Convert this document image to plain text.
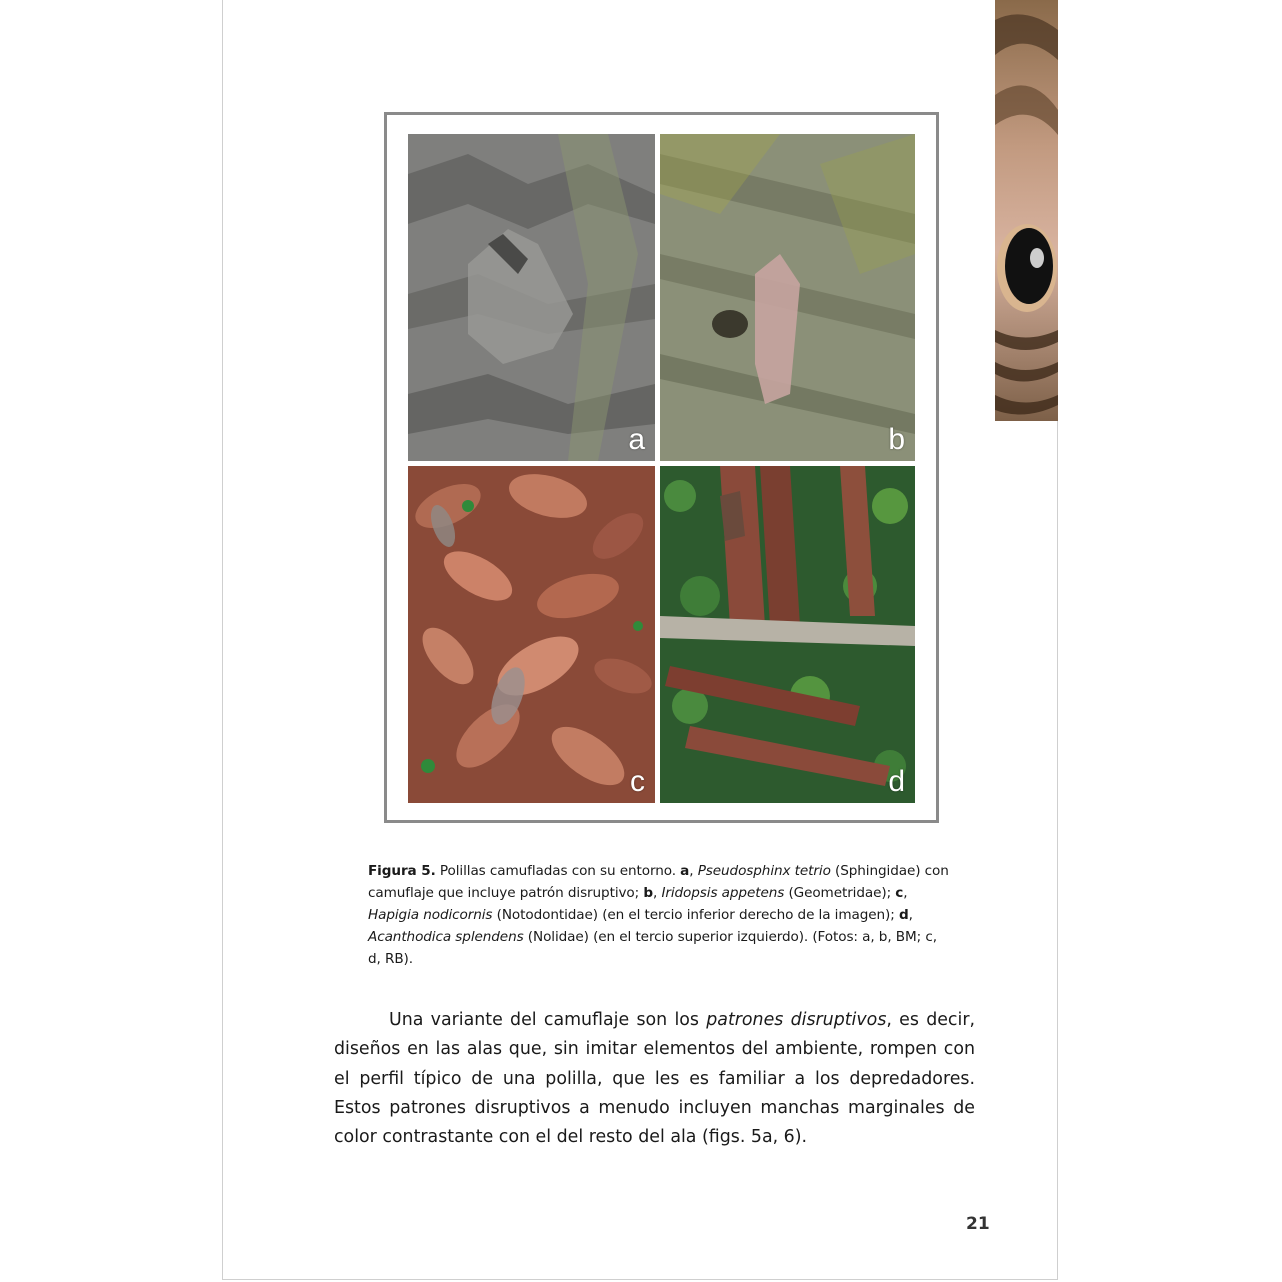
a	b
c	d
Figura 5. Polillas camufladas con su entorno. a, Pseudosphinx tetrio (Sphingidae) con camuflaje que incluye patrón disruptivo; b, Iridopsis appetens (Geometridae); c, Hapigia nodicornis (Notodontidae) (en el tercio inferior derecho de la imagen); d, Acanthodica splendens (Nolidae) (en el tercio superior izquierdo). (Fotos: a, b, BM; c, d, RB).
Una variante del camuflaje son los patrones disruptivos, es decir, diseños en las alas que, sin imitar elementos del ambiente, rompen con el perfil típico de una polilla, que les es familiar a los depredadores. Estos patrones disruptivos a menudo incluyen manchas marginales de color contrastante con el del resto del ala (figs. 5a, 6).
21
